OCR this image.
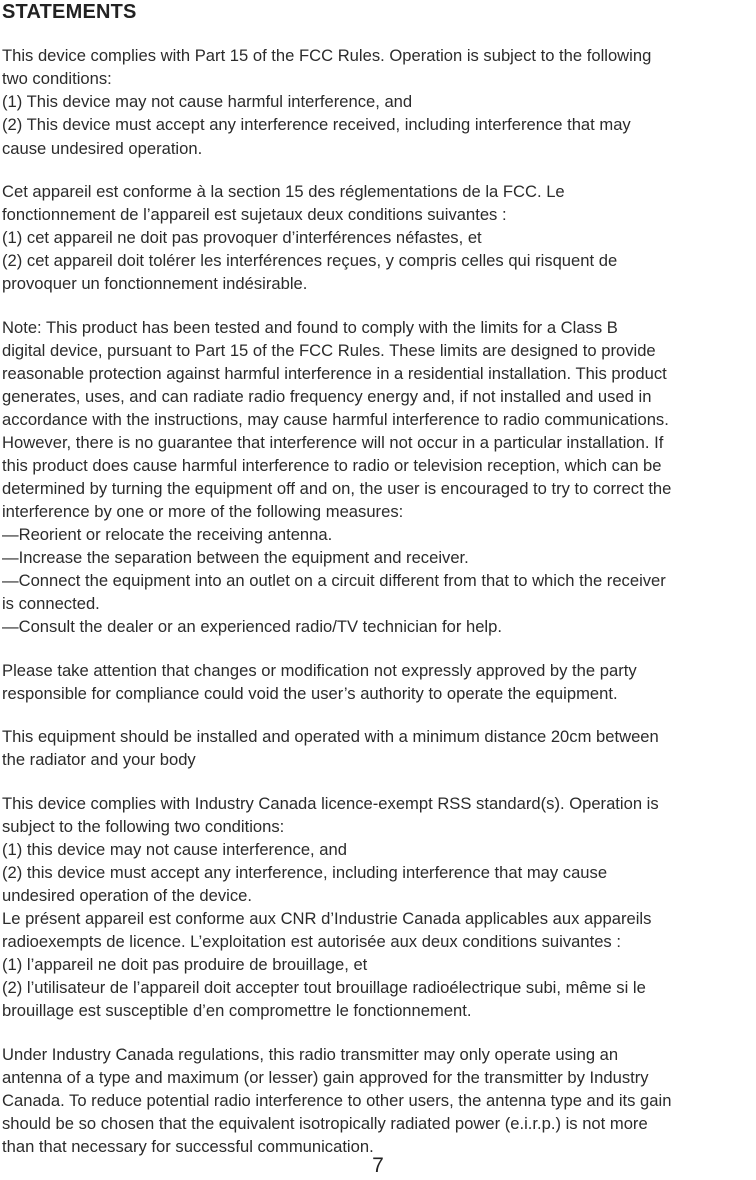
STATEMENTS

This device complies with Part 15 of the FCC Rules. Operation is subject to the following

two conditions:

(1) This device may not cause harmful interference, and

(2) This device must accept any interference received, including interference that may

cause undesired operation.

Cet appareil est conforme à la section 15 des réglementations de la FCC. Le

fonctionnement de l’appareil est sujetaux deux conditions suivantes :

(1) cet appareil ne doit pas provoquer d’interférences néfastes, et

(2) cet appareil doit tolérer les interférences reçues, y compris celles qui risquent de

provoquer un fonctionnement indésirable.

Note: This product has been tested and found to comply with the limits for a Class B

digital device, pursuant to Part 15 of the FCC Rules. These limits are designed to provide

reasonable protection against harmful interference in a residential installation. This product

generates, uses, and can radiate radio frequency energy and, if not installed and used in

accordance with the instructions, may cause harmful interference to radio communications.

However, there is no guarantee that interference will not occur in a particular installation. If

this product does cause harmful interference to radio or television reception, which can be

determined by turning the equipment off and on, the user is encouraged to try to correct the

interference by one or more of the following measures:

—Reorient or relocate the receiving antenna.

—Increase the separation between the equipment and receiver.

—Connect the equipment into an outlet on a circuit different from that to which the receiver

is connected.

—Consult the dealer or an experienced radio/TV technician for help.

Please take attention that changes or modification not expressly approved by the party

responsible for compliance could void the user’s authority to operate the equipment.

This equipment should be installed and operated with a minimum distance 20cm between

the radiator and your body

This device complies with Industry Canada licence-exempt RSS standard(s). Operation is

subject to the following two conditions:

(1) this device may not cause interference, and

(2) this device must accept any interference, including interference that may cause

undesired operation of the device.

Le présent appareil est conforme aux CNR d’Industrie Canada applicables aux appareils

radioexempts de licence. L’exploitation est autorisée aux deux conditions suivantes :

(1) l’appareil ne doit pas produire de brouillage, et

(2) l’utilisateur de l’appareil doit accepter tout brouillage radioélectrique subi, même si le

brouillage est susceptible d’en compromettre le fonctionnement.

Under Industry Canada regulations, this radio transmitter may only operate using an

antenna of a type and maximum (or lesser) gain approved for the transmitter by Industry

Canada. To reduce potential radio interference to other users, the antenna type and its gain

should be so chosen that the equivalent isotropically radiated power (e.i.r.p.) is not more

than that necessary for successful communication.

7
